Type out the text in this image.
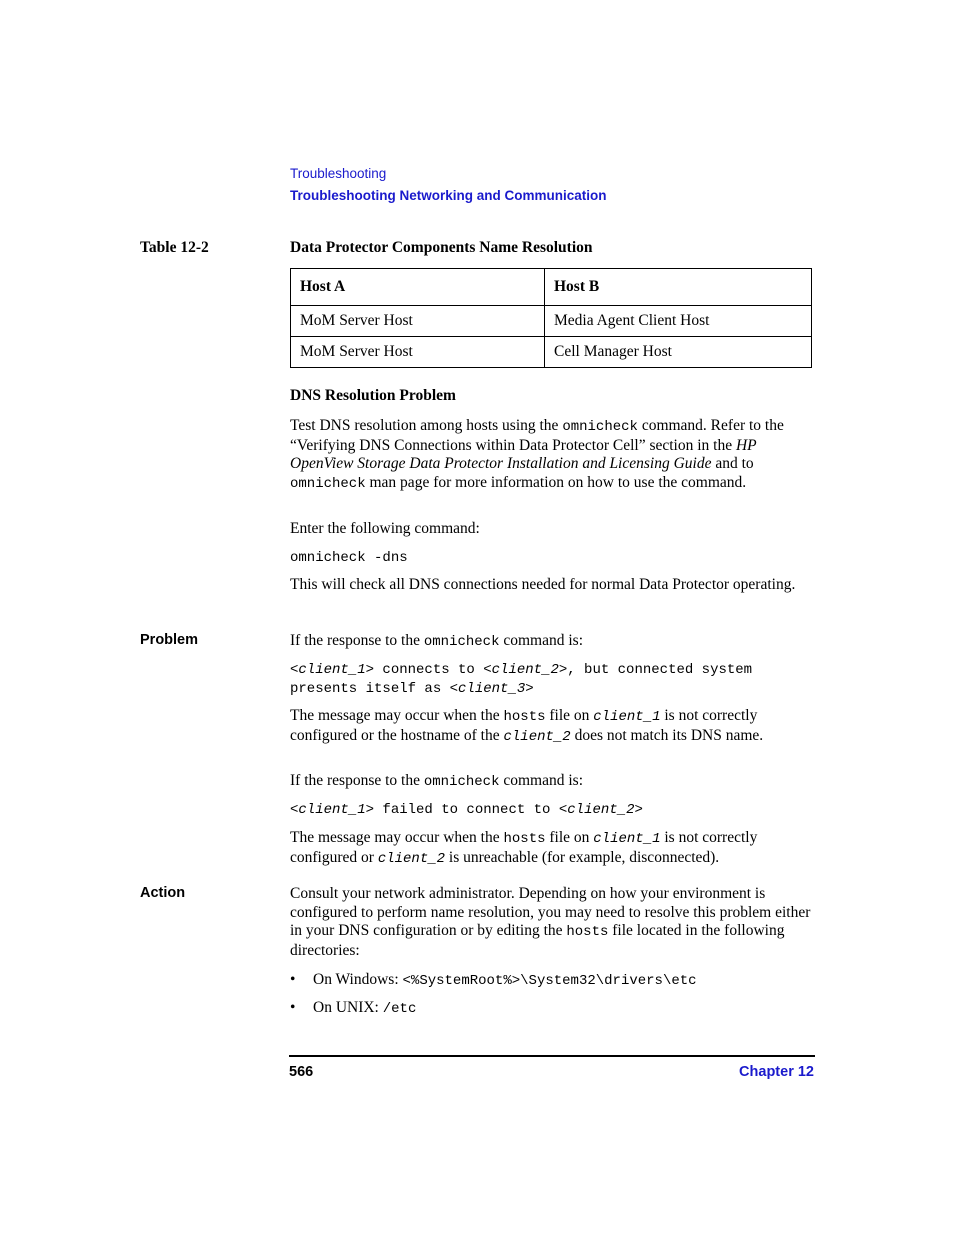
Troubleshooting
Troubleshooting Networking and Communication
Table 12-2	Data Protector Components Name Resolution
Host A	Host B
MoM Server Host	Media Agent Client Host
MoM Server Host	Cell Manager Host
DNS Resolution Problem

Test DNS resolution among hosts using the omnicheck command. Refer to the “Verifying DNS Connections within Data Protector Cell” section in the HP OpenView Storage Data Protector Installation and Licensing Guide and to omnicheck man page for more information on how to use the command.

Enter the following command:

omnicheck -dns

This will check all DNS connections needed for normal Data Protector operating.

Problem	If the response to the omnicheck command is:

<client_1> connects to <client_2>, but connected system
presents itself as <client_3>

The message may occur when the hosts file on client_1 is not correctly configured or the hostname of the client_2 does not match its DNS name.

If the response to the omnicheck command is:

<client_1> failed to connect to <client_2>

The message may occur when the hosts file on client_1 is not correctly configured or client_2 is unreachable (for example, disconnected).

Action	Consult your network administrator. Depending on how your environment is configured to perform name resolution, you may need to resolve this problem either in your DNS configuration or by editing the hosts file located in the following directories:

• On Windows: <%SystemRoot%>\System32\drivers\etc
• On UNIX: /etc
566	Chapter 12
